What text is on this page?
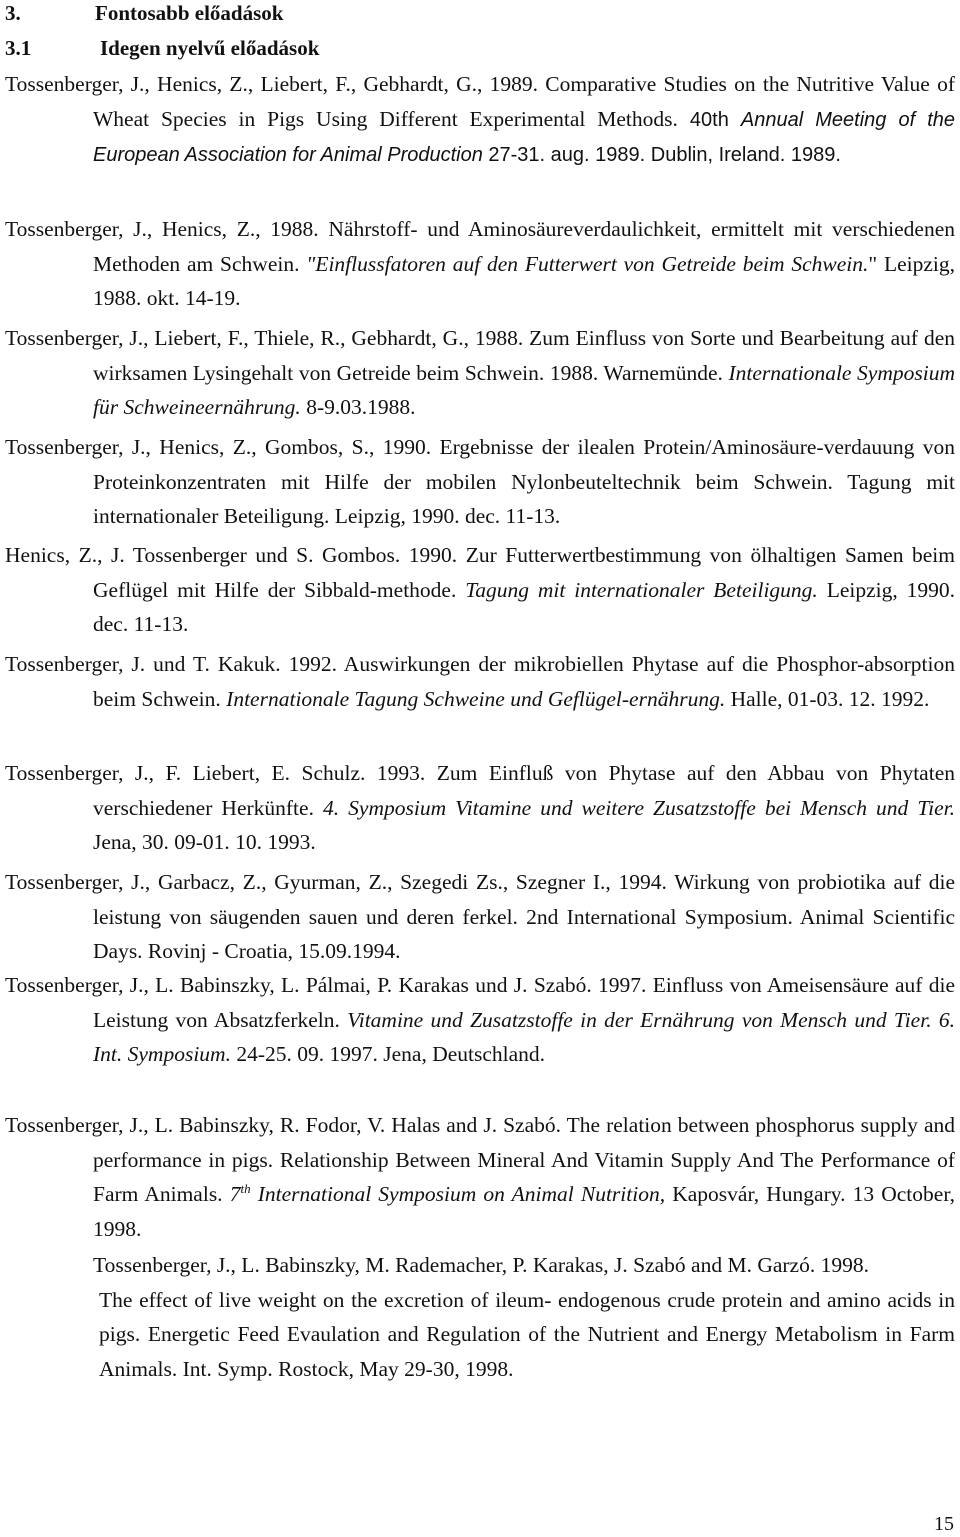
3.	Fontosabb előadások
3.1	Idegen nyelvű előadások
Tossenberger, J., Henics, Z., Liebert, F., Gebhardt, G., 1989. Comparative Studies on the Nutritive Value of Wheat Species in Pigs Using Different Experimental Methods. 40th Annual Meeting of the European Association for Animal Production 27-31. aug. 1989. Dublin, Ireland. 1989.
Tossenberger, J., Henics, Z., 1988. Nährstoff- und Aminosäureverdaulichkeit, ermittelt mit verschiedenen Methoden am Schwein. "Einflussfatoren auf den Futterwert von Getreide beim Schwein." Leipzig, 1988. okt. 14-19.
Tossenberger, J., Liebert, F., Thiele, R., Gebhardt, G., 1988. Zum Einfluss von Sorte und Bearbeitung auf den wirksamen Lysingehalt von Getreide beim Schwein. 1988. Warnemünde. Internationale Symposium für Schweineernährung. 8-9.03.1988.
Tossenberger, J., Henics, Z., Gombos, S., 1990. Ergebnisse der ilealen Protein/Aminosäure-verdauung von Proteinkonzentraten mit Hilfe der mobilen Nylonbeuteltechnik beim Schwein. Tagung mit internationaler Beteiligung. Leipzig, 1990. dec. 11-13.
Henics, Z., J. Tossenberger und S. Gombos. 1990. Zur Futterwertbestimmung von ölhaltigen Samen beim Geflügel mit Hilfe der Sibbald-methode. Tagung mit internationaler Beteiligung. Leipzig, 1990. dec. 11-13.
Tossenberger, J. und T. Kakuk. 1992. Auswirkungen der mikrobiellen Phytase auf die Phosphor-absorption beim Schwein. Internationale Tagung Schweine und Geflügel-ernährung. Halle, 01-03. 12. 1992.
Tossenberger, J., F. Liebert, E. Schulz. 1993. Zum Einfluß von Phytase auf den Abbau von Phytaten verschiedener Herkünfte. 4. Symposium Vitamine und weitere Zusatzstoffe bei Mensch und Tier. Jena, 30. 09-01. 10. 1993.
Tossenberger, J., Garbacz, Z., Gyurman, Z., Szegedi Zs., Szegner I., 1994. Wirkung von probiotika auf die leistung von säugenden sauen und deren ferkel. 2nd International Symposium. Animal Scientific Days. Rovinj - Croatia, 15.09.1994.
Tossenberger, J., L. Babinszky, L. Pálmai, P. Karakas und J. Szabó. 1997. Einfluss von Ameisensäure auf die Leistung von Absatzferkeln. Vitamine und Zusatzstoffe in der Ernährung von Mensch und Tier. 6. Int. Symposium. 24-25. 09. 1997. Jena, Deutschland.
Tossenberger, J., L. Babinszky, R. Fodor, V. Halas and J. Szabó. The relation between phosphorus supply and performance in pigs. Relationship Between Mineral And Vitamin Supply And The Performance of Farm Animals. 7th International Symposium on Animal Nutrition, Kaposvár, Hungary. 13 October, 1998.
Tossenberger, J., L. Babinszky, M. Rademacher, P. Karakas, J. Szabó and M. Garzó. 1998.
The effect of live weight on the excretion of ileum- endogenous crude protein and amino acids in pigs. Energetic Feed Evaulation and Regulation of the Nutrient and Energy Metabolism in Farm Animals. Int. Symp. Rostock, May 29-30, 1998.
15
